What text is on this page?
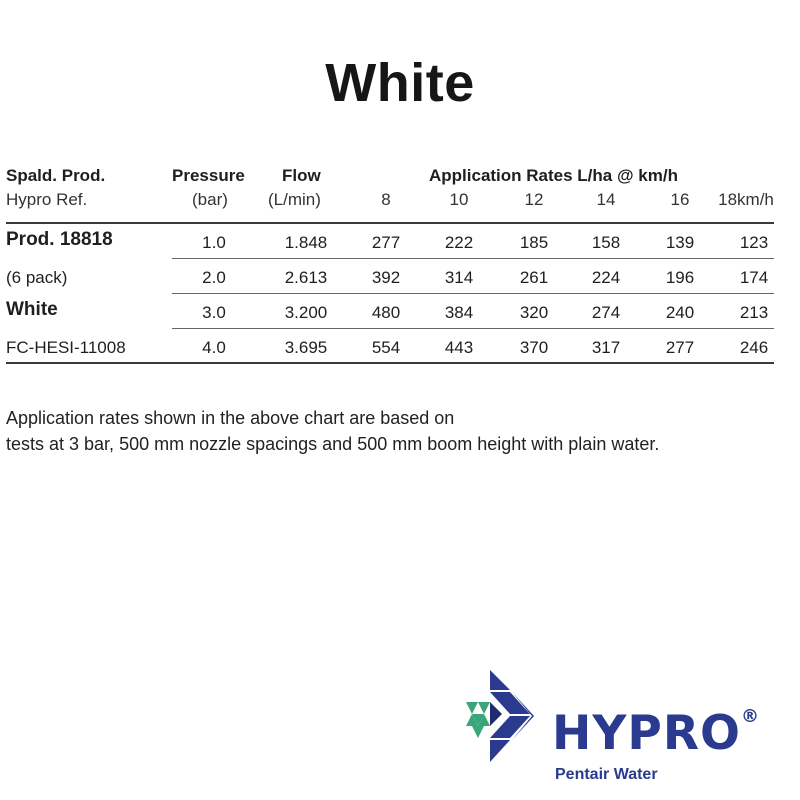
White
Spald. Prod.	Pressure Flow	Application Rates L/ha @ km/h
Hypro Ref.	(bar) (L/min)	8	10	12	14	16	18km/h
Prod. 18818	1.0	1.848	277	222	185	158	139	123
(6 pack)	2.0	2.613	392	314	261	224	196	174
White	3.0	3.200	480	384	320	274	240	213
FC-HESI-11008	4.0	3.695	554	443	370	317	277	246
Application rates shown in the above chart are based on
tests at 3 bar, 500 mm nozzle spacings and 500 mm boom height with plain water.
HYPRO®
Pentair Water
